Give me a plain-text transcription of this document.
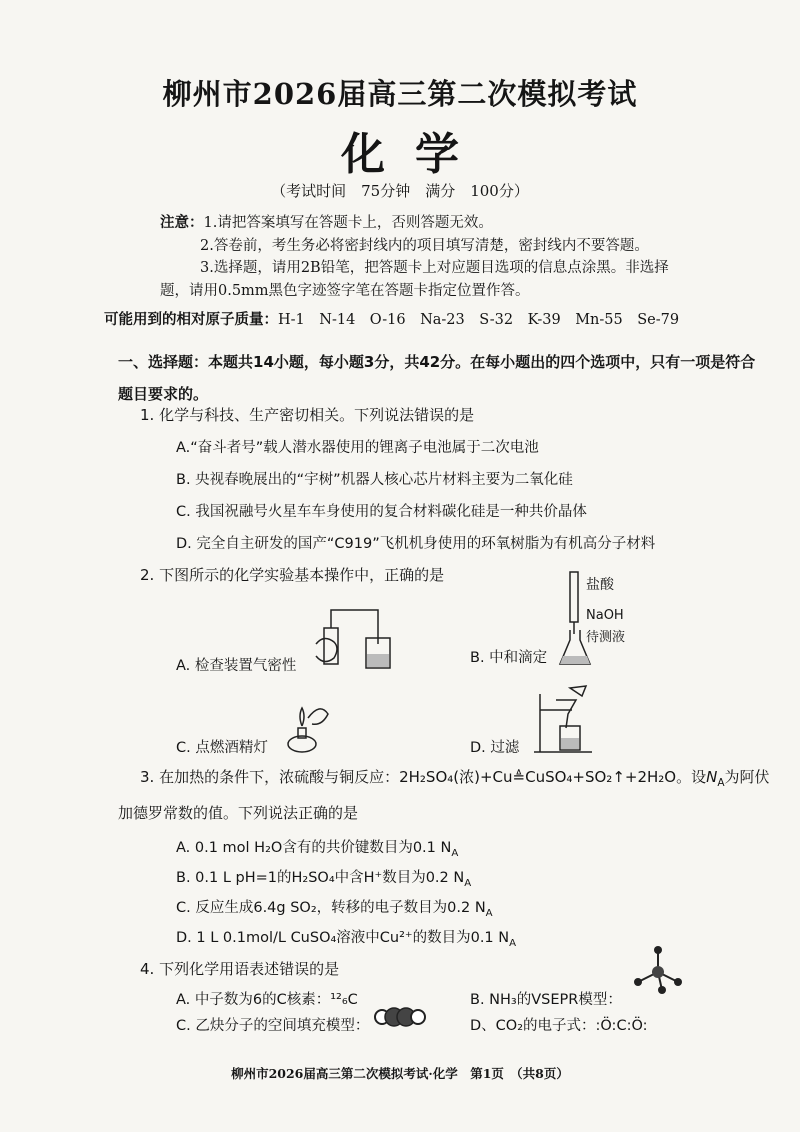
柳州市2026届高三第二次模拟考试
化学
（考试时间　75分钟　满分　100分）
注意：1.请把答案填写在答题卡上，否则答题无效。
2.答卷前，考生务必将密封线内的项目填写清楚，密封线内不要答题。
3.选择题，请用2B铅笔，把答题卡上对应题目选项的信息点涂黑。非选择
题，请用0.5mm黑色字迹签字笔在答题卡指定位置作答。
可能用到的相对原子质量：H-1　N-14　O-16　Na-23　S-32　K-39　Mn-55　Se-79
一、选择题：本题共14小题，每小题3分，共42分。在每小题出的四个选项中，只有一项是符合题目要求的。
1. 化学与科技、生产密切相关。下列说法错误的是
A.“奋斗者号”载人潜水器使用的锂离子电池属于二次电池
B. 央视春晚展出的“宇树”机器人核心芯片材料主要为二氧化硅
C. 我国祝融号火星车车身使用的复合材料碳化硅是一种共价晶体
D. 完全自主研发的国产“C919”飞机机身使用的环氧树脂为有机高分子材料
2. 下图所示的化学实验基本操作中，正确的是
A. 检查装置气密性	B. 中和滴定
盐酸
NaOH
待测液
C. 点燃酒精灯	D. 过滤
3. 在加热的条件下，浓硫酸与铜反应：2H₂SO₄(浓)+Cu≜CuSO₄+SO₂↑+2H₂O。设$N_A$为阿伏
加德罗常数的值。下列说法正确的是
A. 0.1 mol H₂O含有的共价键数目为0.1 $N_A$
B. 0.1 L pH=1的H₂SO₄中含H⁺数目为0.2 $N_A$
C. 反应生成6.4g SO₂，转移的电子数目为0.2 $N_A$
D. 1 L 0.1mol/L CuSO₄溶液中Cu²⁺的数目为0.1 $N_A$
4. 下列化学用语表述错误的是
A. 中子数为6的C核素：¹²₆C	B. NH₃的VSEPR模型：
C. 乙炔分子的空间填充模型：	D、CO₂的电子式：:Ö:C:Ö:
柳州市2026届高三第二次模拟考试·化学　第1页　（共8页）
